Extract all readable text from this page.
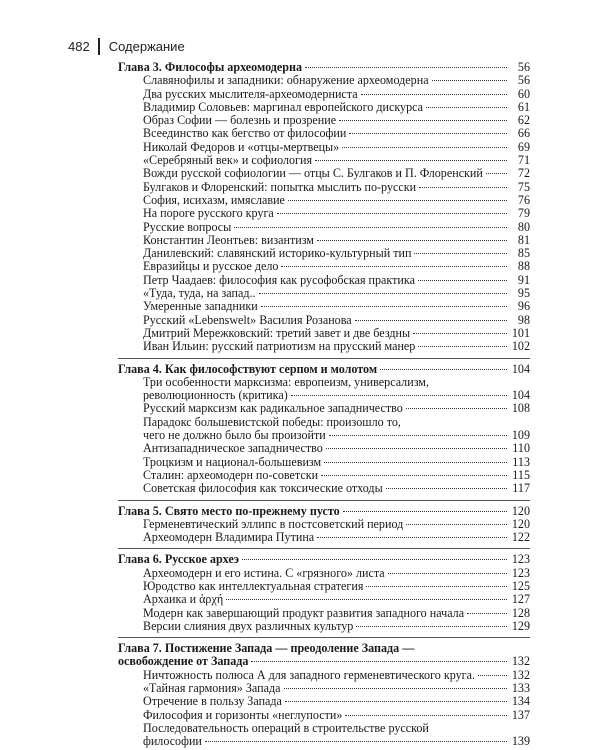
482 Содержание
Глава 3. Философы археомодерна	56
Славянофилы и западники: обнаружение археомодерна	56
Два русских мыслителя-археомодерниста	60
Владимир Соловьев: маргинал европейского дискурса	61
Образ Софии — болезнь и прозрение	62
Всеединство как бегство от философии	66
Николай Федоров и «отцы-мертвецы»	69
«Серебряный век» и софиология	71
Вожди русской софиологии — отцы С. Булгаков и П. Флоренский	72
Булгаков и Флоренский: попытка мыслить по-русски	75
София, исихазм, имяславие	76
На пороге русского круга	79
Русские вопросы	80
Константин Леонтьев: византизм	81
Данилевский: славянский историко-культурный тип	85
Евразийцы и русское дело	88
Петр Чаадаев: философия как русофобская практика	91
«Туда, туда, на запад..	95
Умеренные западники	96
Русский «Lebenswelt» Василия Розанова	98
Дмитрий Мережковский: третий завет и две бездны	101
Иван Ильин: русский патриотизм на прусский манер	102
Глава 4. Как философствуют серпом и молотом	104
Три особенности марксизма: европеизм, универсализм,
революционность (критика)	104
Русский марксизм как радикальное западничество	108
Парадокс большевистской победы: произошло то,
чего не должно было бы произойти	109
Антизападническое западничество	110
Троцкизм и национал-большевизм	113
Сталин: археомодерн по-советски	115
Советская философия как токсические отходы	117
Глава 5. Свято место по-прежнему пусто	120
Герменевтический эллипс в постсоветский период	120
Археомодерн Владимира Путина	122
Глава 6. Русское археэ	123
Археомодерн и его истина. С «грязного» листа	123
Юродство как интеллектуальная стратегия	125
Архаика и ἀρχή	127
Модерн как завершающий продукт развития западного начала	128
Версии слияния двух различных культур	129
Глава 7. Постижение Запада — преодоление Запада —
освобождение от Запада	132
Ничтожность полюса А для западного герменевтического круга.	132
«Тайная гармония» Запада	133
Отречение в пользу Запада	134
Философия и горизонты «неглупости»	137
Последовательность операций в строительстве русской
философии	139
